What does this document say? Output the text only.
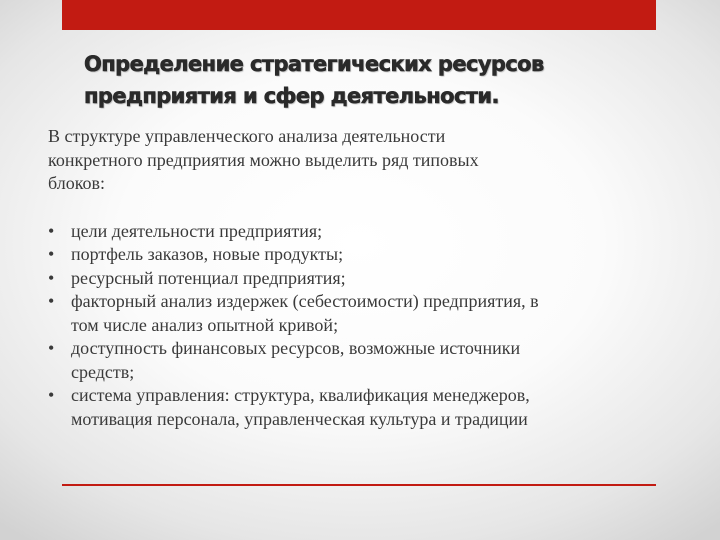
Определение стратегических ресурсов
предприятия и сфер деятельности.

В структуре управленческого анализа деятельности
конкретного предприятия можно выделить ряд типовых
блоков:

• цели деятельности предприятия;
• портфель заказов, новые продукты;
• ресурсный потенциал предприятия;
• факторный анализ издержек (себестоимости) предприятия, в
том числе анализ опытной кривой;
• доступность финансовых ресурсов, возможные источники
средств;
• система управления: структура, квалификация менеджеров,
мотивация персонала, управленческая культура и традиции
